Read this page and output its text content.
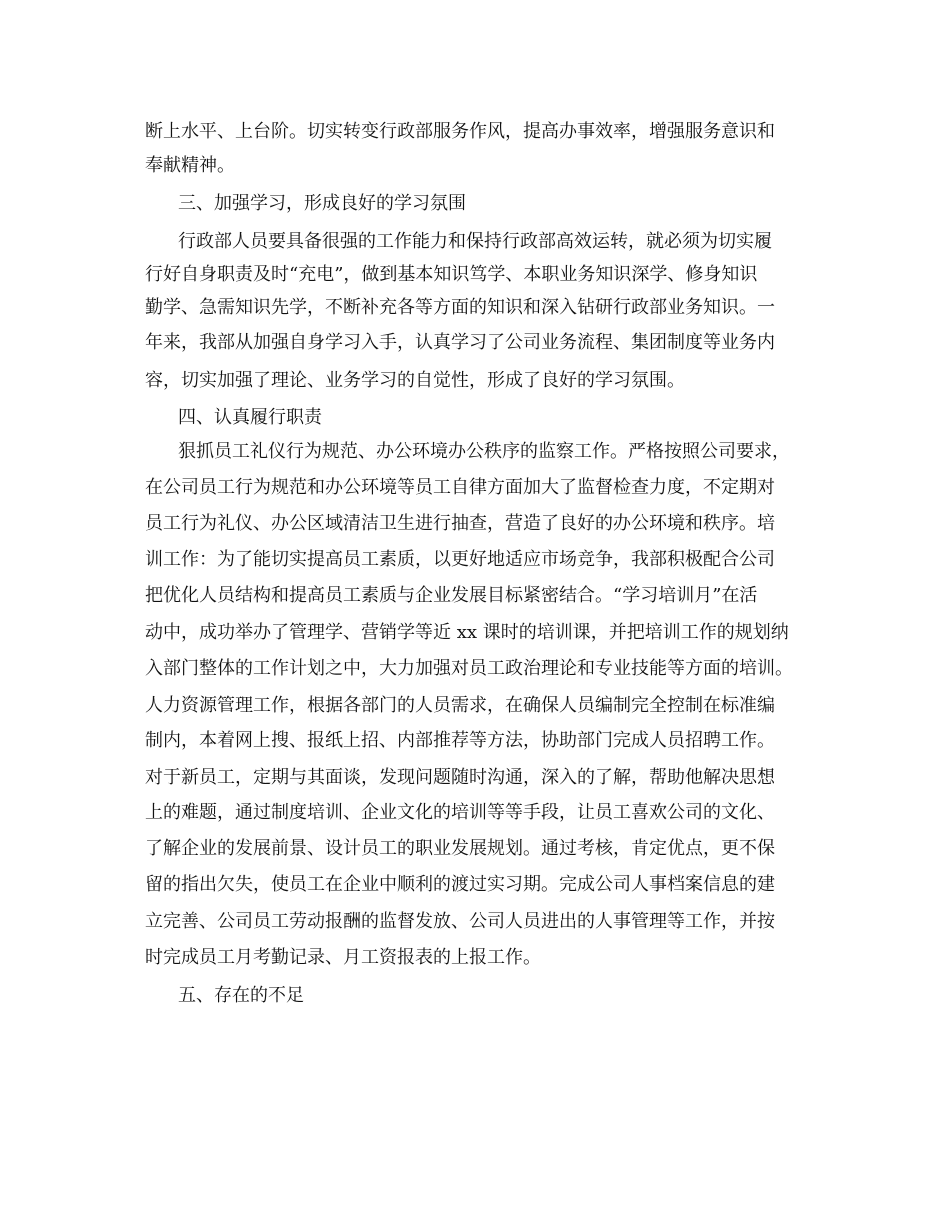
断上水平、上台阶。切实转变行政部服务作风，提高办事效率，增强服务意识和
奉献精神。
三、加强学习，形成良好的学习氛围
行政部人员要具备很强的工作能力和保持行政部高效运转，就必须为切实履
行好自身职责及时“充电”，做到基本知识笃学、本职业务知识深学、修身知识
勤学、急需知识先学，不断补充各等方面的知识和深入钻研行政部业务知识。一
年来，我部从加强自身学习入手，认真学习了公司业务流程、集团制度等业务内
容，切实加强了理论、业务学习的自觉性，形成了良好的学习氛围。
四、认真履行职责
狠抓员工礼仪行为规范、办公环境办公秩序的监察工作。严格按照公司要求，
在公司员工行为规范和办公环境等员工自律方面加大了监督检查力度，不定期对
员工行为礼仪、办公区域清洁卫生进行抽查，营造了良好的办公环境和秩序。培
训工作：为了能切实提高员工素质，以更好地适应市场竞争，我部积极配合公司
把优化人员结构和提高员工素质与企业发展目标紧密结合。“学习培训月”在活
动中，成功举办了管理学、营销学等近 xx 课时的培训课，并把培训工作的规划纳
入部门整体的工作计划之中，大力加强对员工政治理论和专业技能等方面的培训。
人力资源管理工作，根据各部门的人员需求，在确保人员编制完全控制在标准编
制内，本着网上搜、报纸上招、内部推荐等方法，协助部门完成人员招聘工作。
对于新员工，定期与其面谈，发现问题随时沟通，深入的了解，帮助他解决思想
上的难题，通过制度培训、企业文化的培训等等手段，让员工喜欢公司的文化、
了解企业的发展前景、设计员工的职业发展规划。通过考核，肯定优点，更不保
留的指出欠失，使员工在企业中顺利的渡过实习期。完成公司人事档案信息的建
立完善、公司员工劳动报酬的监督发放、公司人员进出的人事管理等工作，并按
时完成员工月考勤记录、月工资报表的上报工作。
五、存在的不足
